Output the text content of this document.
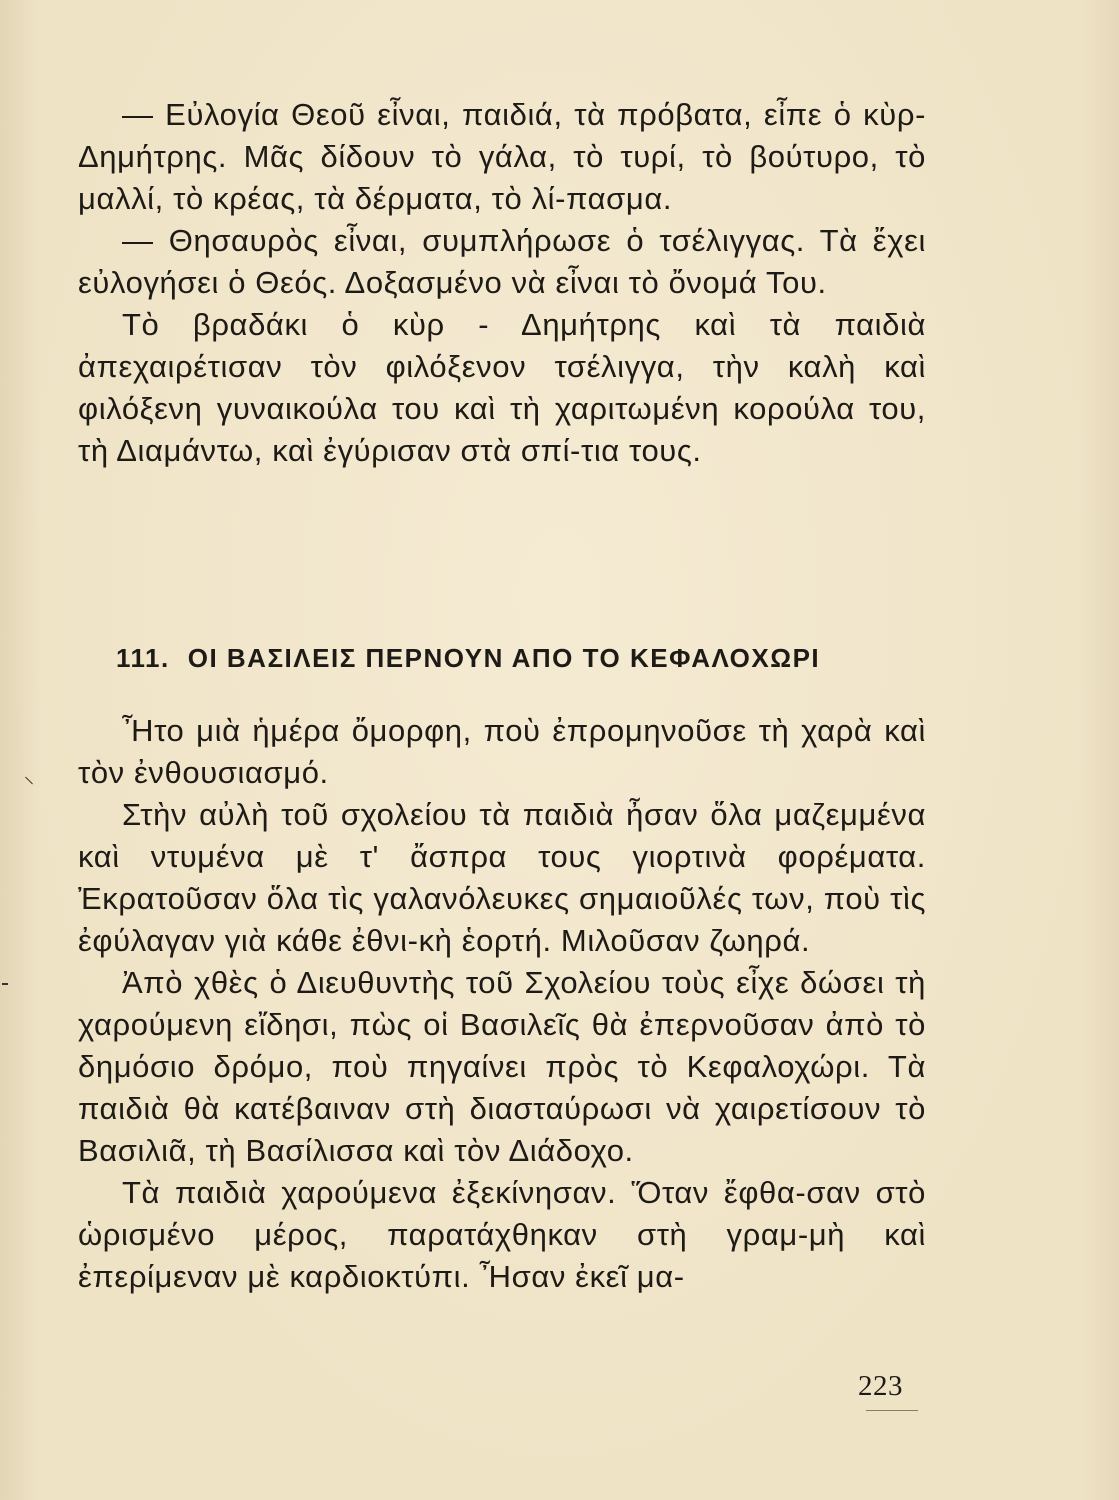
— Εὐλογία Θεοῦ εἶναι, παιδιά, τὰ πρόβατα, εἶπε ὁ κὺρ-Δημήτρης. Μᾶς δίδουν τὸ γάλα, τὸ τυρί, τὸ βούτυρο, τὸ μαλλί, τὸ κρέας, τὰ δέρματα, τὸ λί-πασμα.

— Θησαυρὸς εἶναι, συμπλήρωσε ὁ τσέλιγγας. Τὰ ἔχει εὐλογήσει ὁ Θεός. Δοξασμένο νὰ εἶναι τὸ ὄνομά Του.

Τὸ βραδάκι ὁ κὺρ - Δημήτρης καὶ τὰ παιδιὰ ἀπεχαιρέτισαν τὸν φιλόξενον τσέλιγγα, τὴν καλὴ καὶ φιλόξενη γυναικούλα του καὶ τὴ χαριτωμένη κορούλα του, τὴ Διαμάντω, καὶ ἐγύρισαν στὰ σπί-τια τους.

111. ΟΙ ΒΑΣΙΛΕΙΣ ΠΕΡΝΟΥΝ ΑΠΟ ΤΟ ΚΕΦΑΛΟΧΩΡΙ

Ἦτο μιὰ ἡμέρα ὄμορφη, ποὺ ἐπρομηνοῦσε τὴ χαρὰ καὶ τὸν ἐνθουσιασμό.

Στὴν αὐλὴ τοῦ σχολείου τὰ παιδιὰ ἦσαν ὅλα μαζεμμένα καὶ ντυμένα μὲ τ' ἄσπρα τους γιορτινὰ φορέματα. Ἐκρατοῦσαν ὅλα τὶς γαλανόλευκες σημαιοῦλές των, ποὺ τὶς ἐφύλαγαν γιὰ κάθε ἐθνι-κὴ ἑορτή. Μιλοῦσαν ζωηρά.

Ἀπὸ χθὲς ὁ Διευθυντὴς τοῦ Σχολείου τοὺς εἶχε δώσει τὴ χαρούμενη εἴδησι, πὼς οἱ Βασιλεῖς θὰ ἐπερνοῦσαν ἀπὸ τὸ δημόσιο δρόμο, ποὺ πηγαίνει πρὸς τὸ Κεφαλοχώρι. Τὰ παιδιὰ θὰ κατέβαιναν στὴ διασταύρωσι νὰ χαιρετίσουν τὸ Βασιλιᾶ, τὴ Βασίλισσα καὶ τὸν Διάδοχο.

Τὰ παιδιὰ χαρούμενα ἐξεκίνησαν. Ὅταν ἔφθα-σαν στὸ ὡρισμένο μέρος, παρατάχθηκαν στὴ γραμ-μὴ καὶ ἐπερίμεναν μὲ καρδιοκτύπι. Ἦσαν ἐκεῖ μα-

223
